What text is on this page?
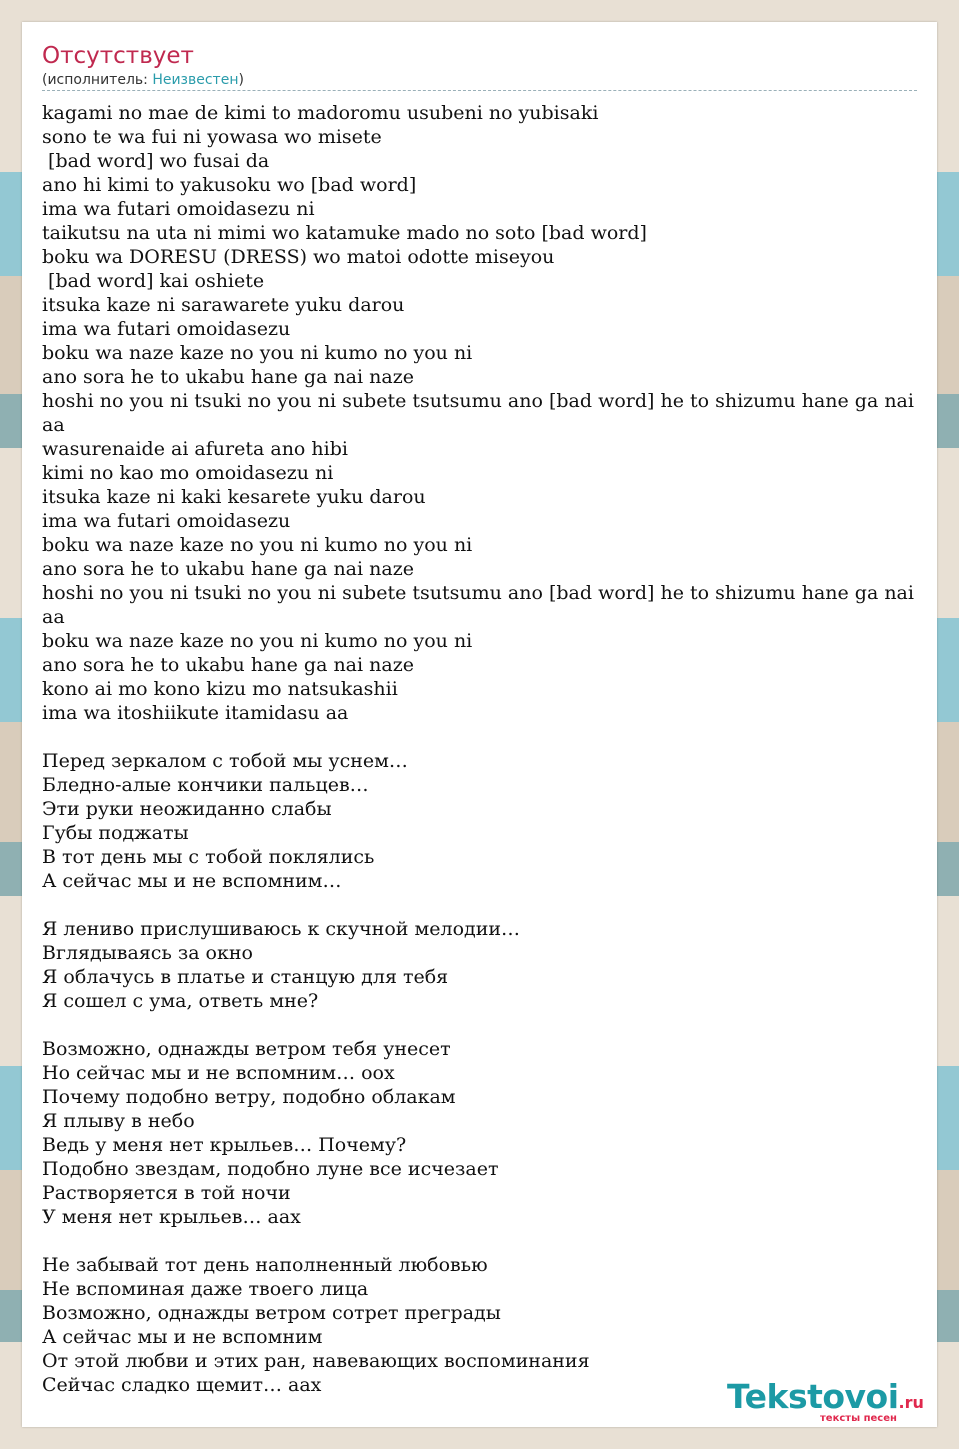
Отсутствует
(исполнитель: Неизвестен)
kagami no mae de kimi to madoromu usubeni no yubisaki
sono te wa fui ni yowasa wo misete
[bad word] wo fusai da
ano hi kimi to yakusoku wo [bad word]
ima wa futari omoidasezu ni
taikutsu na uta ni mimi wo katamuke mado no soto [bad word]
boku wa DORESU (DRESS) wo matoi odotte miseyou
[bad word] kai oshiete
itsuka kaze ni sarawarete yuku darou
ima wa futari omoidasezu
boku wa naze kaze no you ni kumo no you ni
ano sora he to ukabu hane ga nai naze
hoshi no you ni tsuki no you ni subete tsutsumu ano [bad word] he to shizumu hane ga nai
aa
wasurenaide ai afureta ano hibi
kimi no kao mo omoidasezu ni
itsuka kaze ni kaki kesarete yuku darou
ima wa futari omoidasezu
boku wa naze kaze no you ni kumo no you ni
ano sora he to ukabu hane ga nai naze
hoshi no you ni tsuki no you ni subete tsutsumu ano [bad word] he to shizumu hane ga nai
aa
boku wa naze kaze no you ni kumo no you ni
ano sora he to ukabu hane ga nai naze
kono ai mo kono kizu mo natsukashii
ima wa itoshiikute itamidasu aa

Перед зеркалом с тобой мы уснем…
Бледно-алые кончики пальцев…
Эти руки неожиданно слабы
Губы поджаты
В тот день мы с тобой поклялись
А сейчас мы и не вспомним…

Я лениво прислушиваюсь к скучной мелодии…
Вглядываясь за окно
Я облачусь в платье и станцую для тебя
Я сошел с ума, ответь мне?

Возможно, однажды ветром тебя унесет
Но сейчас мы и не вспомним… оох
Почему подобно ветру, подобно облакам
Я плыву в небо
Ведь у меня нет крыльев… Почему?
Подобно звездам, подобно луне все исчезает
Растворяется в той ночи
У меня нет крыльев… аах

Не забывай тот день наполненный любовью
Не вспоминая даже твоего лица
Возможно, однажды ветром сотрет преграды
А сейчас мы и не вспомним
От этой любви и этих ран, навевающих воспоминания
Сейчас сладко щемит… аах	Tekstovoi.ru
тексты песен
